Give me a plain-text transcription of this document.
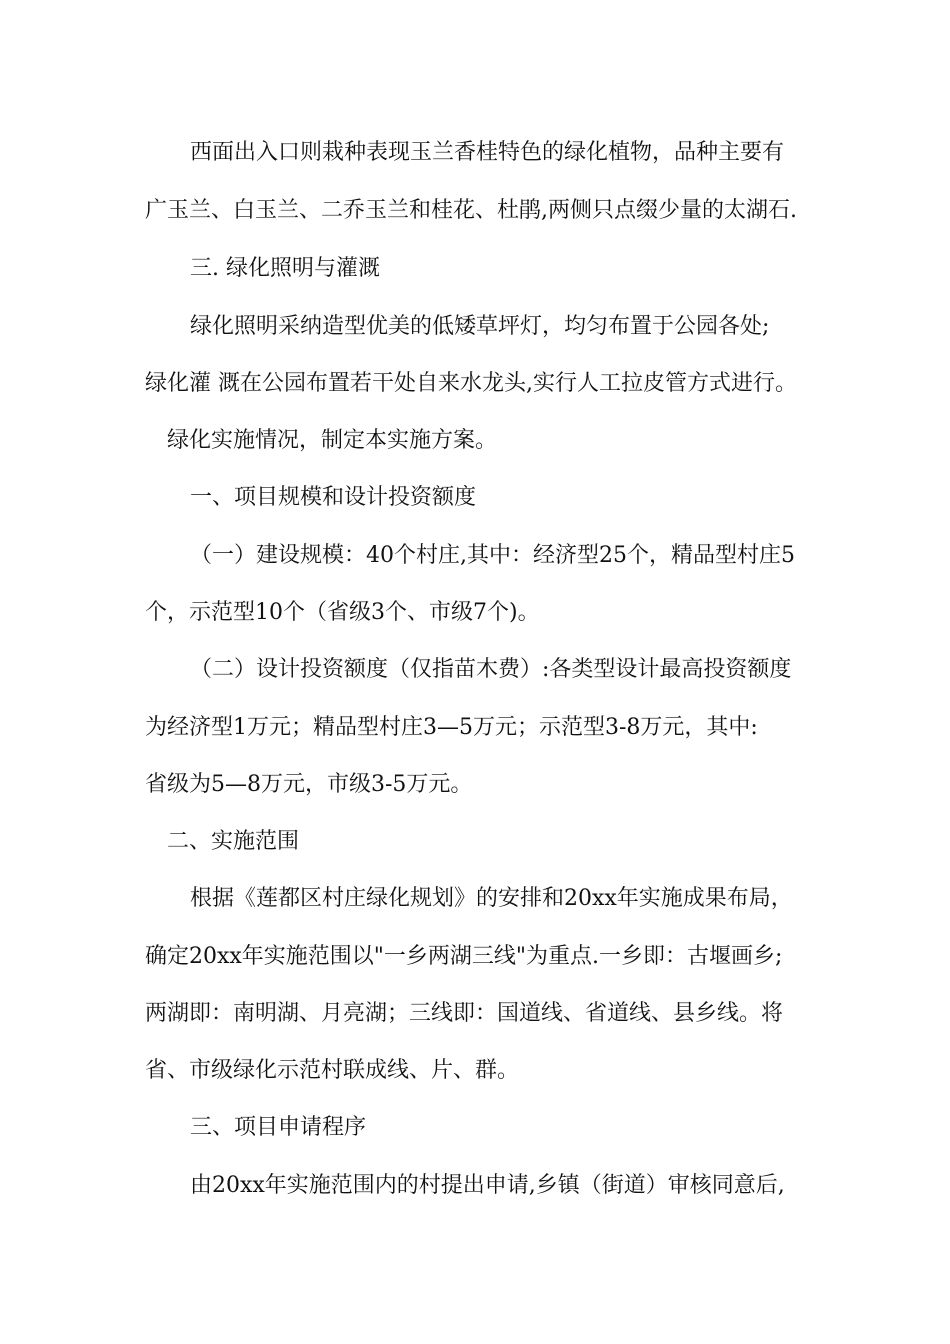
西面出入口则栽种表现玉兰香桂特色的绿化植物，品种主要有
广玉兰、白玉兰、二乔玉兰和桂花、杜鹃,两侧只点缀少量的太湖石.
三. 绿化照明与灌溉
绿化照明采纳造型优美的低矮草坪灯，均匀布置于公园各处;
绿化灌 溉在公园布置若干处自来水龙头,实行人工拉皮管方式进行。
绿化实施情况，制定本实施方案。
一、项目规模和设计投资额度
（一）建设规模：40个村庄,其中：经济型25个，精品型村庄5
个，示范型10个（省级3个、市级7个)。
（二）设计投资额度（仅指苗木费）:各类型设计最高投资额度
为经济型1万元；精品型村庄3—5万元；示范型3-8万元，其中:
省级为5—8万元，市级3-5万元。
二、实施范围
根据《莲都区村庄绿化规划》的安排和20xx年实施成果布局，
确定20xx年实施范围以"一乡两湖三线"为重点.一乡即：古堰画乡;
两湖即：南明湖、月亮湖；三线即：国道线、省道线、县乡线。将
省、市级绿化示范村联成线、片、群。
三、项目申请程序
由20xx年实施范围内的村提出申请,乡镇（街道）审核同意后,
